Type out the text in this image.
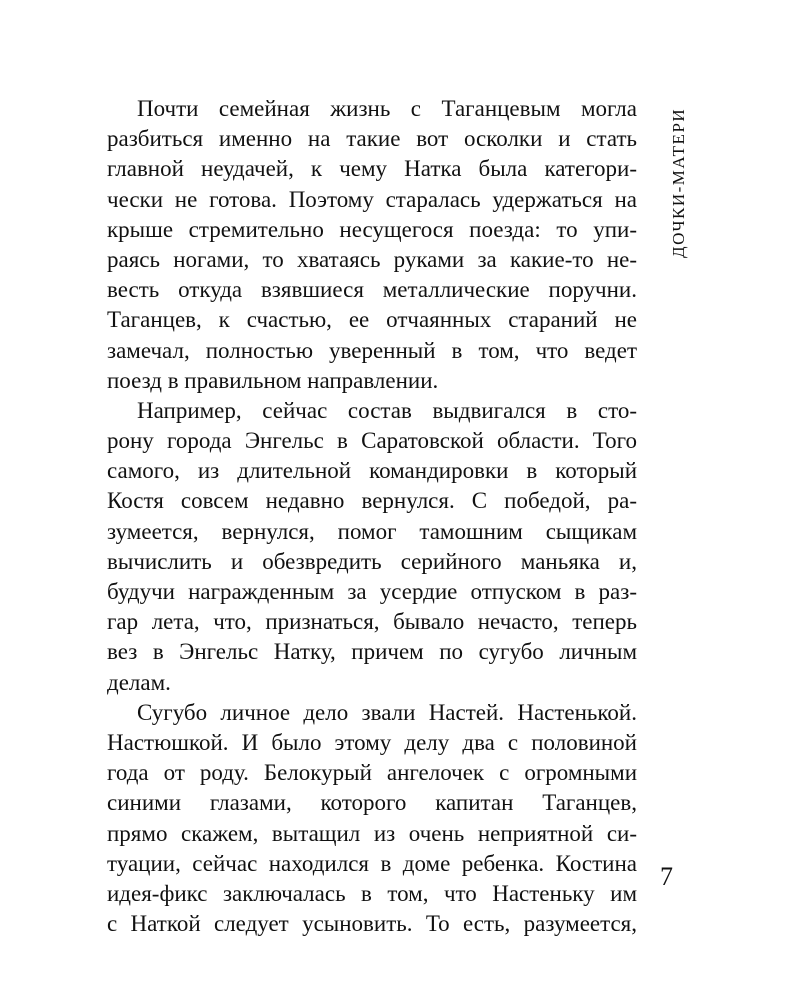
Почти семейная жизнь с Таганцевым могла
разбиться именно на такие вот осколки и стать
главной неудачей, к чему Натка была категори-
чески не готова. Поэтому старалась удержаться на
крыше стремительно несущегося поезда: то упи-
раясь ногами, то хватаясь руками за какие-то не-
весть откуда взявшиеся металлические поручни.
Таганцев, к счастью, ее отчаянных стараний не
замечал, полностью уверенный в том, что ведет
поезд в правильном направлении.
Например, сейчас состав выдвигался в сто-
рону города Энгельс в Саратовской области. Того
самого, из длительной командировки в который
Костя совсем недавно вернулся. С победой, ра-
зумеется, вернулся, помог тамошним сыщикам
вычислить и обезвредить серийного маньяка и,
будучи награжденным за усердие отпуском в раз-
гар лета, что, признаться, бывало нечасто, теперь
вез в Энгельс Натку, причем по сугубо личным
делам.
Сугубо личное дело звали Настей. Настенькой.
Настюшкой. И было этому делу два с половиной
года от роду. Белокурый ангелочек с огромными
синими глазами, которого капитан Таганцев,
прямо скажем, вытащил из очень неприятной си-
туации, сейчас находился в доме ребенка. Костина
идея-фикс заключалась в том, что Настеньку им
с Наткой следует усыновить. То есть, разумеется,
ДОЧКИ-МАТЕРИ
7
